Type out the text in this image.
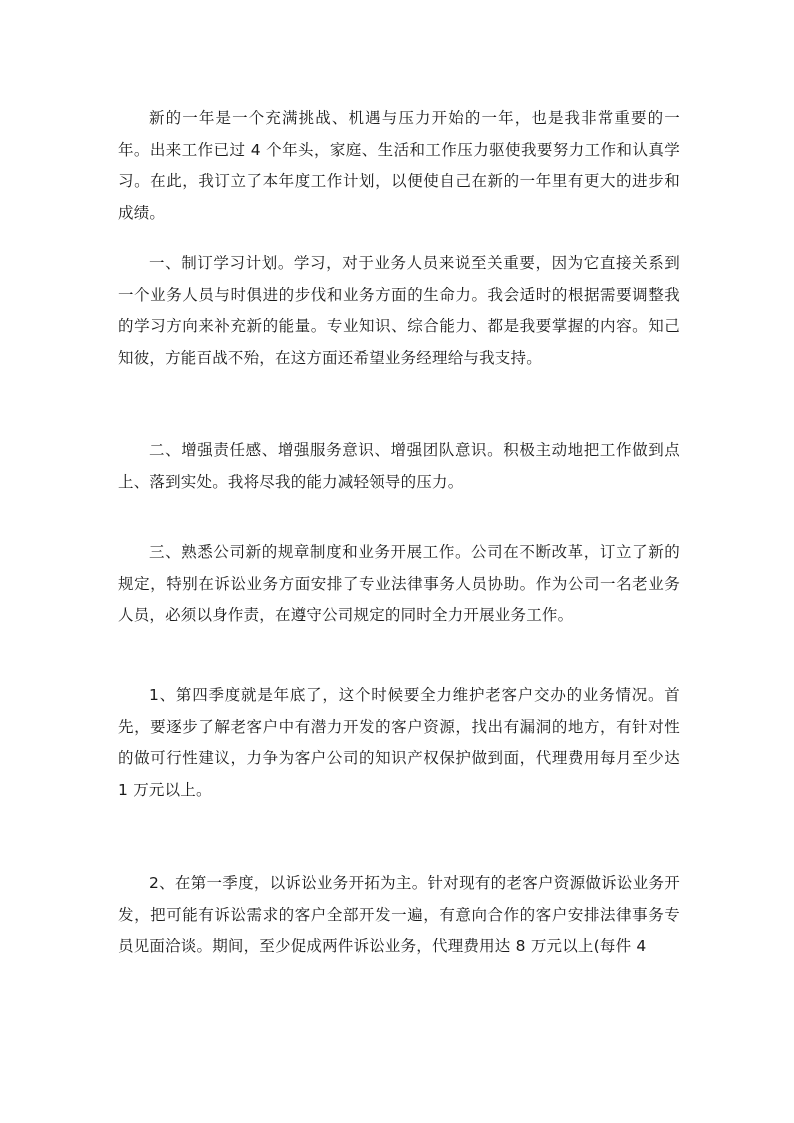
新的一年是一个充满挑战、机遇与压力开始的一年，也是我非常重要的一年。出来工作已过 4 个年头，家庭、生活和工作压力驱使我要努力工作和认真学习。在此，我订立了本年度工作计划，以便使自己在新的一年里有更大的进步和成绩。

一、制订学习计划。学习，对于业务人员来说至关重要，因为它直接关系到一个业务人员与时俱进的步伐和业务方面的生命力。我会适时的根据需要调整我的学习方向来补充新的能量。专业知识、综合能力、都是我要掌握的内容。知己知彼，方能百战不殆，在这方面还希望业务经理给与我支持。

二、增强责任感、增强服务意识、增强团队意识。积极主动地把工作做到点上、落到实处。我将尽我的能力减轻领导的压力。

三、熟悉公司新的规章制度和业务开展工作。公司在不断改革，订立了新的规定，特别在诉讼业务方面安排了专业法律事务人员协助。作为公司一名老业务人员，必须以身作责，在遵守公司规定的同时全力开展业务工作。

1、第四季度就是年底了，这个时候要全力维护老客户交办的业务情况。首先，要逐步了解老客户中有潜力开发的客户资源，找出有漏洞的地方，有针对性的做可行性建议，力争为客户公司的知识产权保护做到面，代理费用每月至少达 1 万元以上。

2、在第一季度，以诉讼业务开拓为主。针对现有的老客户资源做诉讼业务开发，把可能有诉讼需求的客户全部开发一遍，有意向合作的客户安排法律事务专员见面洽谈。期间，至少促成两件诉讼业务，代理费用达 8 万元以上(每件 4
